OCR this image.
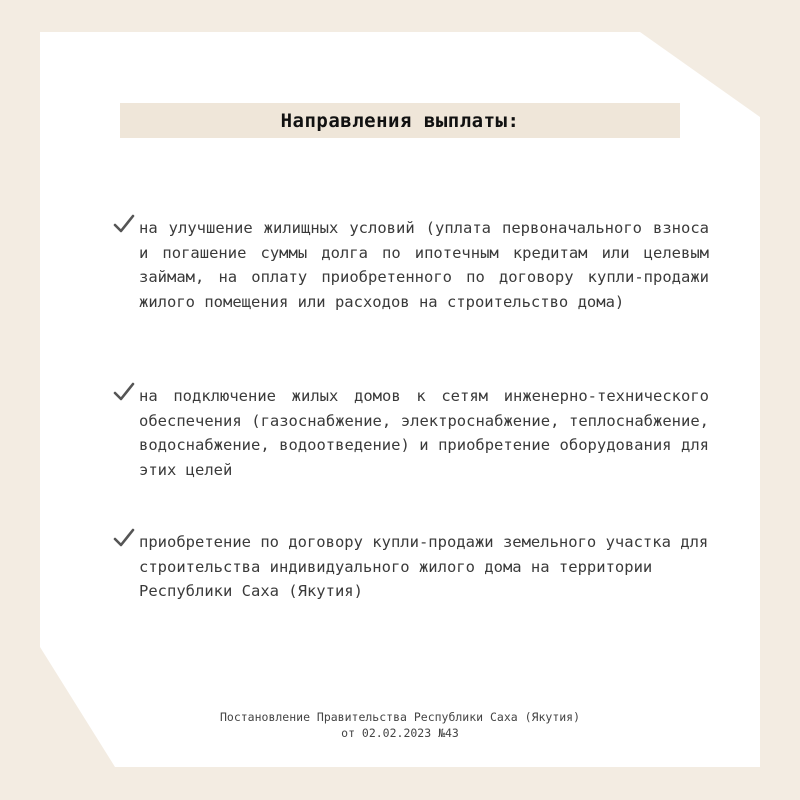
Направления выплаты:
на улучшение жилищных условий (уплата первоначального взноса и погашение суммы долга по ипотечным кредитам или целевым займам, на оплату приобретенного по договору купли-продажи жилого помещения или расходов на строительство дома)
на подключение жилых домов к сетям инженерно-технического обеспечения (газоснабжение, электроснабжение, теплоснабжение, водоснабжение, водоотведение) и приобретение оборудования для этих целей
приобретение по договору купли-продажи земельного участка для строительства индивидуального жилого дома на территории Республики Саха (Якутия)
Постановление Правительства Республики Саха (Якутия)
от 02.02.2023 №43
